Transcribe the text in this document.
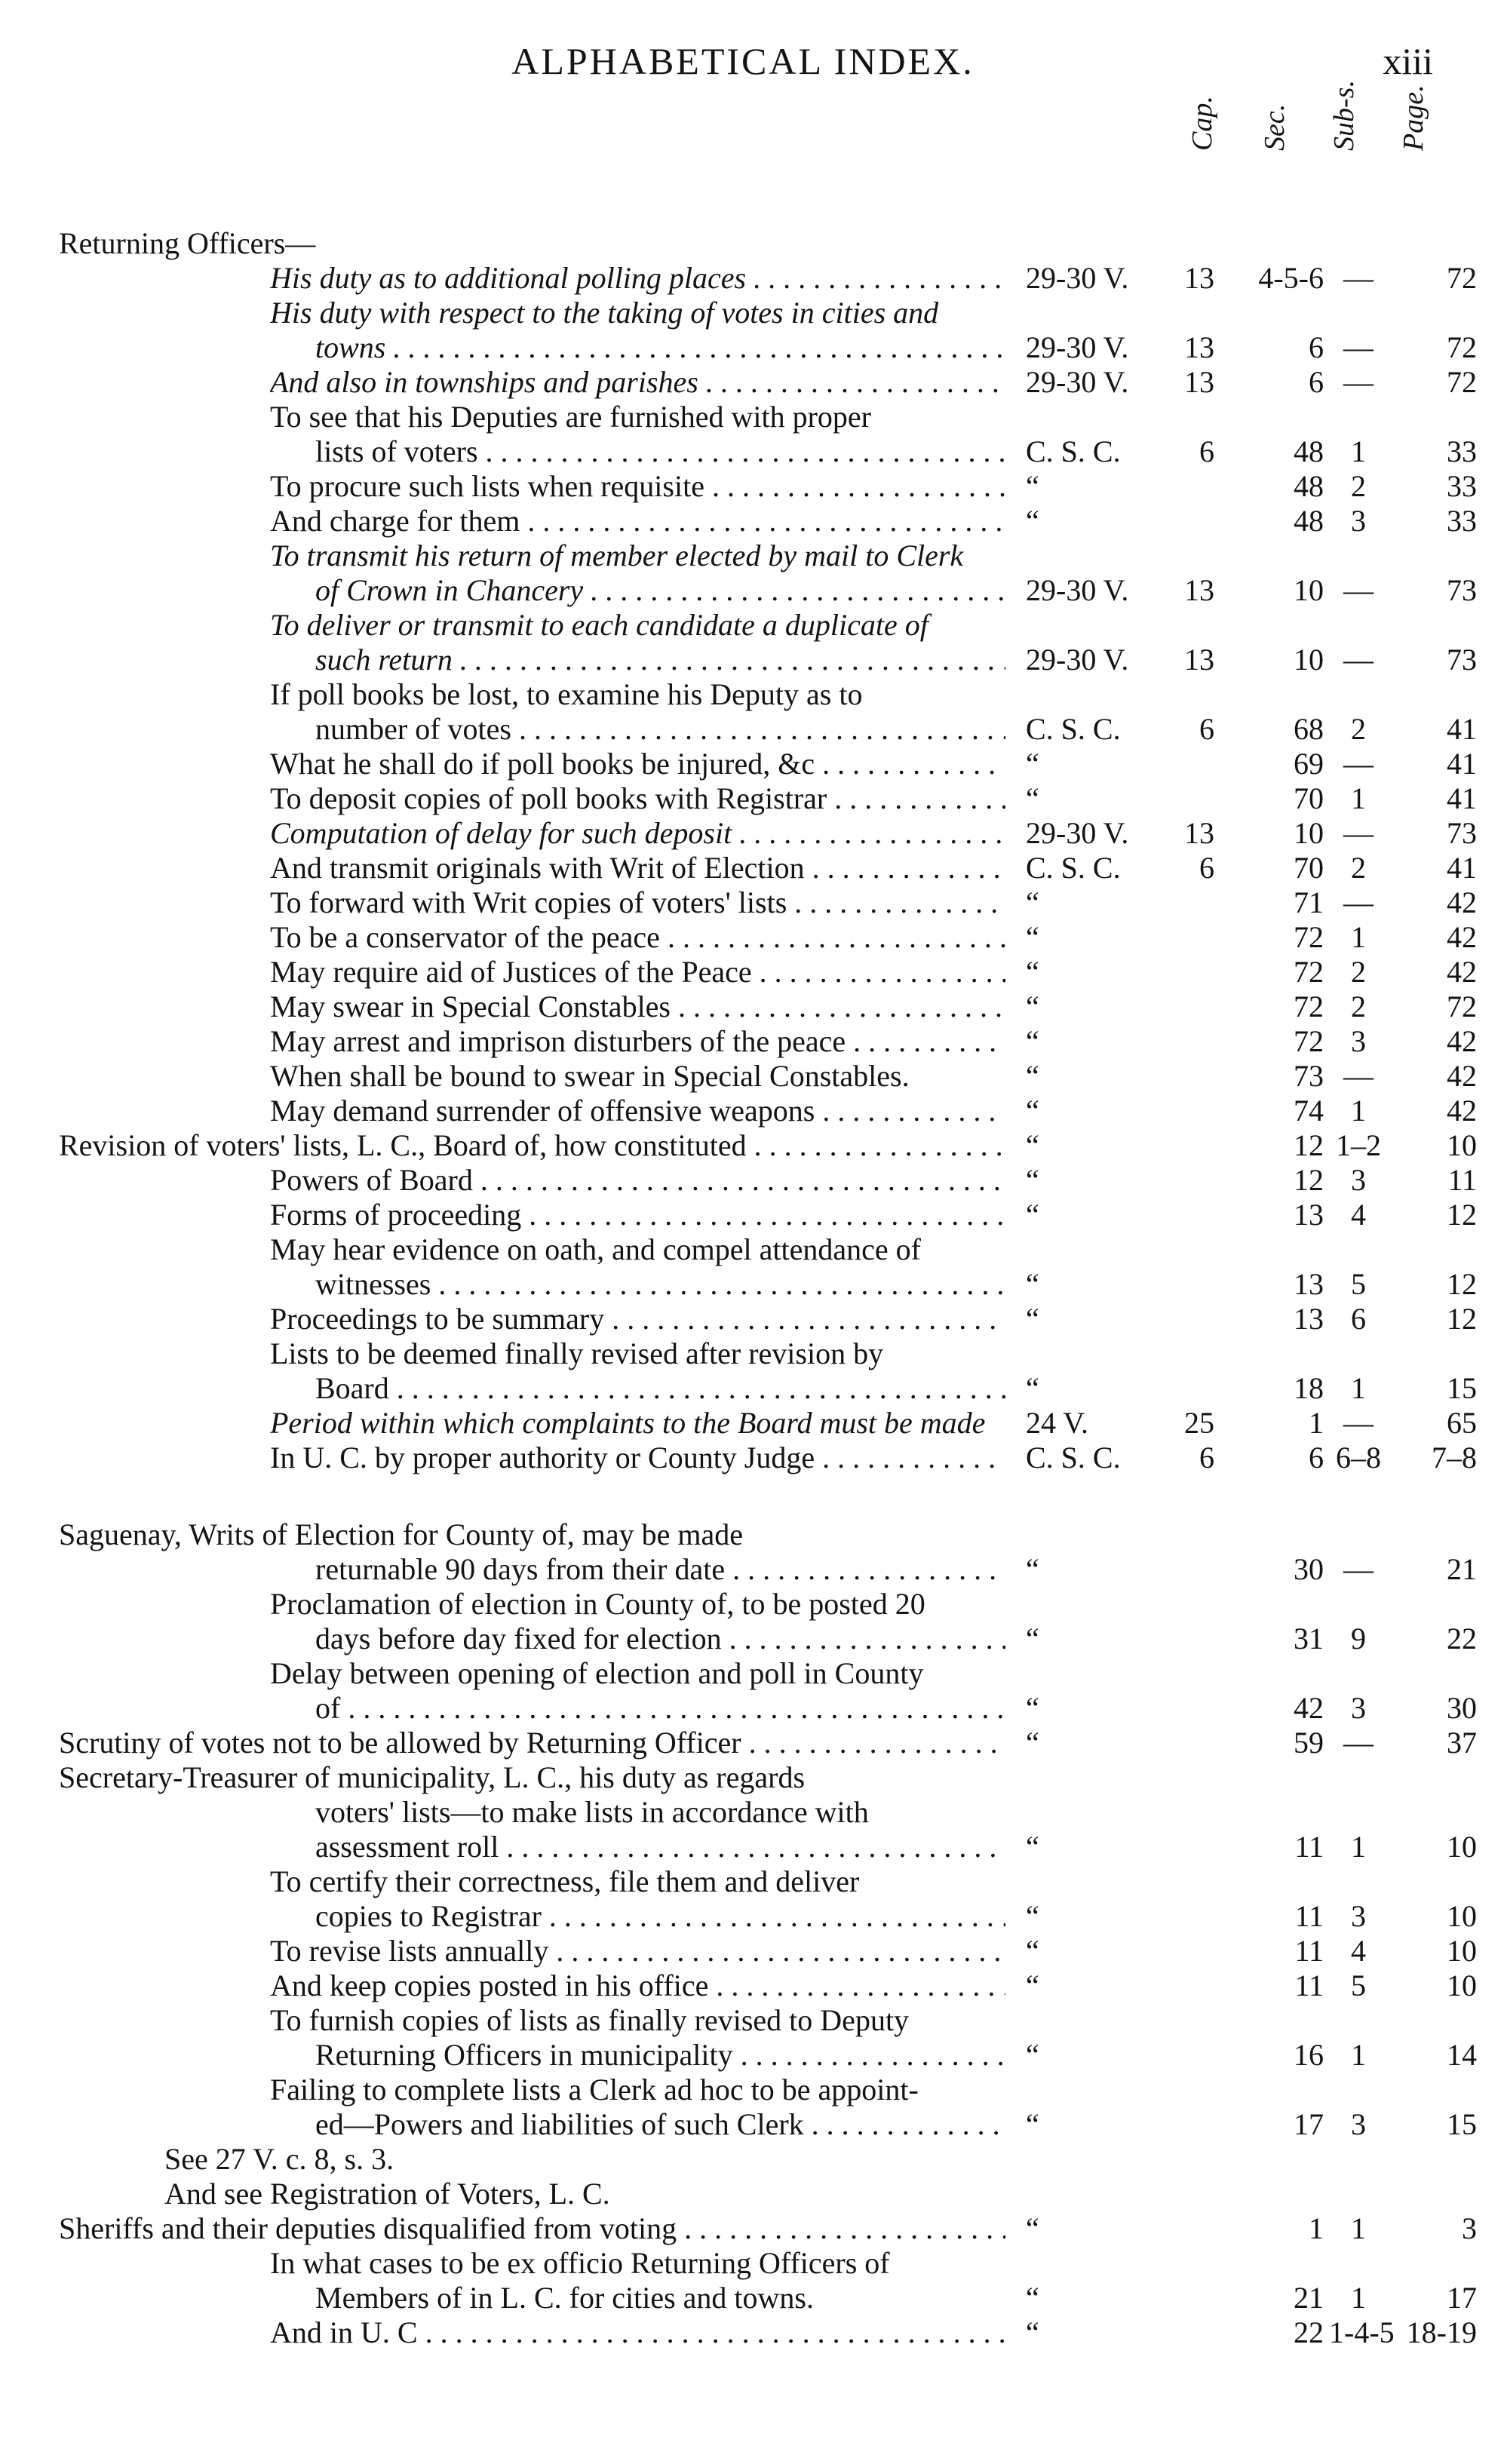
ALPHABETICAL INDEX.	xiii
Cap. Sec. Sub-s. Page.
Returning Officers—
His duty as to additional polling places . . .	29-30 V.	13	4-5-6 —	72
His duty with respect to the taking of votes in cities and
towns . . .	29-30 V.	13	6 —	72
And also in townships and parishes . . .	29-30 V.	13	6 —	72
To see that his Deputies are furnished with proper
lists of voters . . .	C. S. C.	6	48 1	33
To procure such lists when requisite . . .	“	48 2	33
And charge for them . . .	“	48 3	33
To transmit his return of member elected by mail to Clerk
of Crown in Chancery . . .	29-30 V.	13	10 —	73
To deliver or transmit to each candidate a duplicate of
such return . . .	29-30 V.	13	10 —	73
If poll books be lost, to examine his Deputy as to
number of votes . . .	C. S. C.	6	68 2	41
What he shall do if poll books be injured, &c . . .	“	69 —	41
To deposit copies of poll books with Registrar . . .	“	70 1	41
Computation of delay for such deposit . . .	29-30 V.	13	10 —	73
And transmit originals with Writ of Election . . .	C. S. C.	6	70 2	41
To forward with Writ copies of voters' lists . . .	“	71 —	42
To be a conservator of the peace . . .	“	72 1	42
May require aid of Justices of the Peace . . .	“	72 2	42
May swear in Special Constables . . .	“	72 2	72
May arrest and imprison disturbers of the peace . . .	“	72 3	42
When shall be bound to swear in Special Constables.	“	73 —	42
May demand surrender of offensive weapons . . .	“	74 1	42
Revision of voters' lists, L. C., Board of, how constituted . . .	“	12 1–2	10
Powers of Board . . .	“	12 3	11
Forms of proceeding . . .	“	13 4	12
May hear evidence on oath, and compel attendance of
witnesses . . .	“	13 5	12
Proceedings to be summary . . .	“	13 6	12
Lists to be deemed finally revised after revision by
Board . . .	“	18 1	15
Period within which complaints to the Board must be made	24 V.	25	1 —	65
In U. C. by proper authority or County Judge . . .	C. S. C.	6	6 6–8	7–8
Saguenay, Writs of Election for County of, may be made
returnable 90 days from their date . . .	“	30 —	21
Proclamation of election in County of, to be posted 20
days before day fixed for election . . .	“	31 9	22
Delay between opening of election and poll in County
of . . .	“	42 3	30
Scrutiny of votes not to be allowed by Returning Officer . . .	“	59 —	37
Secretary-Treasurer of municipality, L. C., his duty as regards
voters' lists—to make lists in accordance with
assessment roll . . .	“	11 1	10
To certify their correctness, file them and deliver
copies to Registrar . . .	“	11 3	10
To revise lists annually . . .	“	11 4	10
And keep copies posted in his office . . .	“	11 5	10
To furnish copies of lists as finally revised to Deputy
Returning Officers in municipality . . .	“	16 1	14
Failing to complete lists a Clerk ad hoc to be appoint-
ed—Powers and liabilities of such Clerk . . .	“	17 3	15
See 27 V. c. 8, s. 3.
And see Registration of Voters, L. C.
Sheriffs and their deputies disqualified from voting . . .	“	1 1	3
In what cases to be ex officio Returning Officers of
Members of in L. C. for cities and towns.	“	21 1	17
And in U. C . . .	“	22 1-4-5 18-19
